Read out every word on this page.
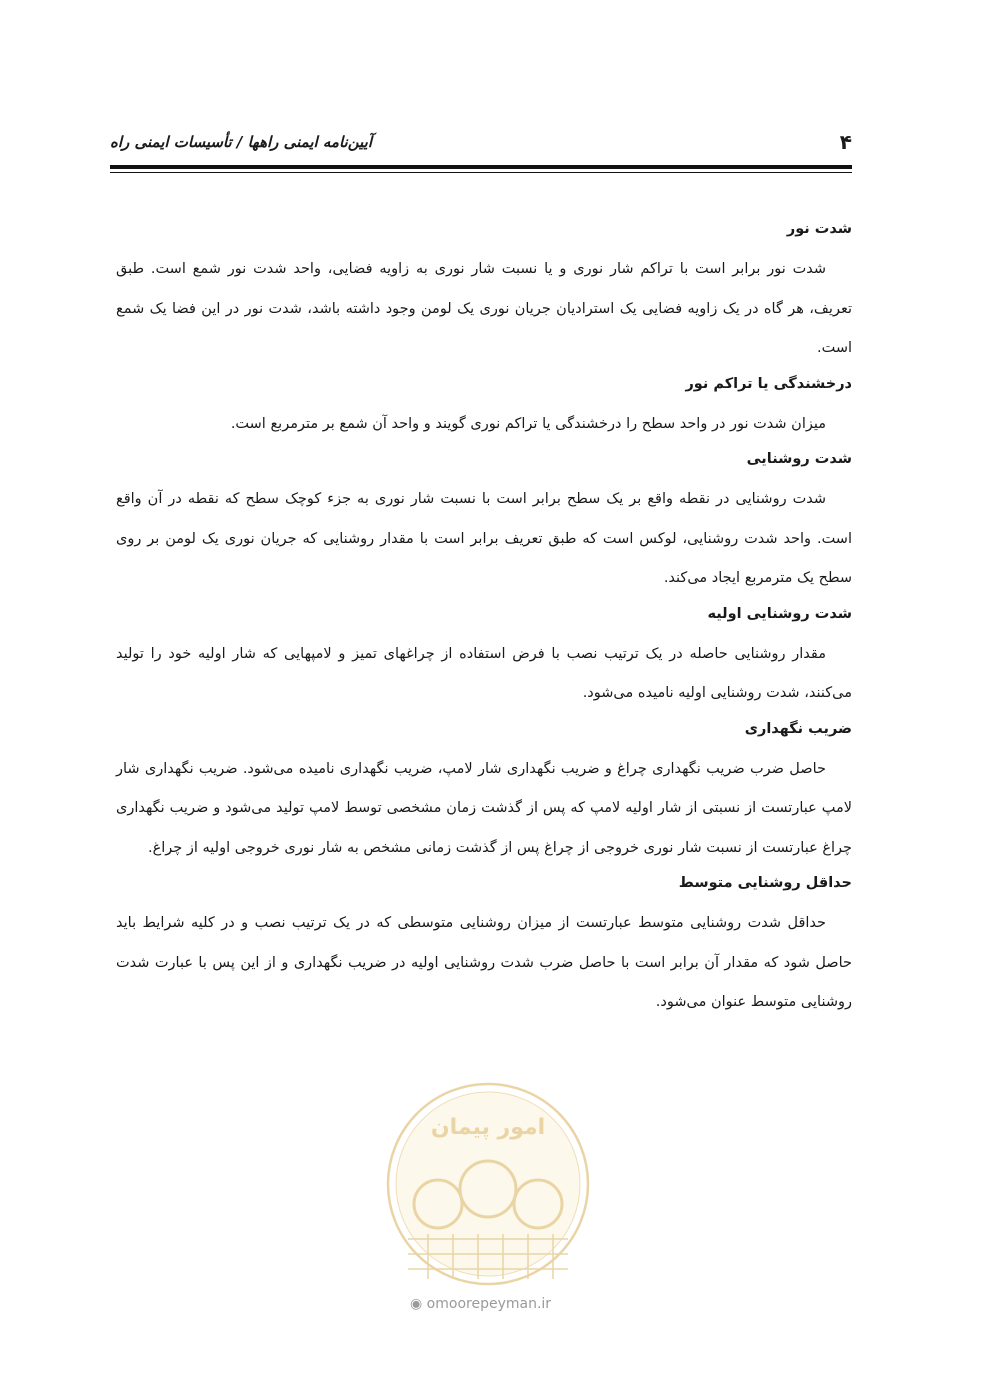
۴
آیین‌نامه ایمنی راهها / تأسیسات ایمنی راه
شدت نور

شدت نور برابر است با تراکم شار نوری و یا نسبت شار نوری به زاویه فضایی، واحد شدت نور شمع است. طبق تعریف، هر گاه در یک زاویه فضایی یک استرادیان جریان نوری یک لومن وجود داشته باشد، شدت نور در این فضا یک شمع است.

درخشندگی یا تراکم نور

میزان شدت نور در واحد سطح را درخشندگی یا تراکم نوری گویند و واحد آن شمع بر مترمربع است.

شدت روشنایی

شدت روشنایی در نقطه واقع بر یک سطح برابر است با نسبت شار نوری به جزء کوچک سطح که نقطه در آن واقع است. واحد شدت روشنایی، لوکس است که طبق تعریف برابر است با مقدار روشنایی که جریان نوری یک لومن بر روی سطح یک مترمربع ایجاد می‌کند.

شدت روشنایی اولیه

مقدار روشنایی حاصله در یک ترتیب نصب با فرض استفاده از چراغهای تمیز و لامپهایی که شار اولیه خود را تولید می‌کنند، شدت روشنایی اولیه نامیده می‌شود.

ضریب نگهداری

حاصل ضرب ضریب نگهداری چراغ و ضریب نگهداری شار لامپ، ضریب نگهداری نامیده می‌شود. ضریب نگهداری شار لامپ عبارتست از نسبتی از شار اولیه لامپ که پس از گذشت زمان مشخصی توسط لامپ تولید می‌شود و ضریب نگهداری چراغ عبارتست از نسبت شار نوری خروجی از چراغ پس از گذشت زمانی مشخص به شار نوری خروجی اولیه از چراغ.

حداقل روشنایی متوسط

حداقل شدت روشنایی متوسط عبارتست از میزان روشنایی متوسطی که در یک ترتیب نصب و در کلیه شرایط باید حاصل شود که مقدار آن برابر است با حاصل ضرب شدت روشنایی اولیه در ضریب نگهداری و از این پس با عبارت شدت روشنایی متوسط عنوان می‌شود.

امور پیمان
◉ omoorepeyman.ir
